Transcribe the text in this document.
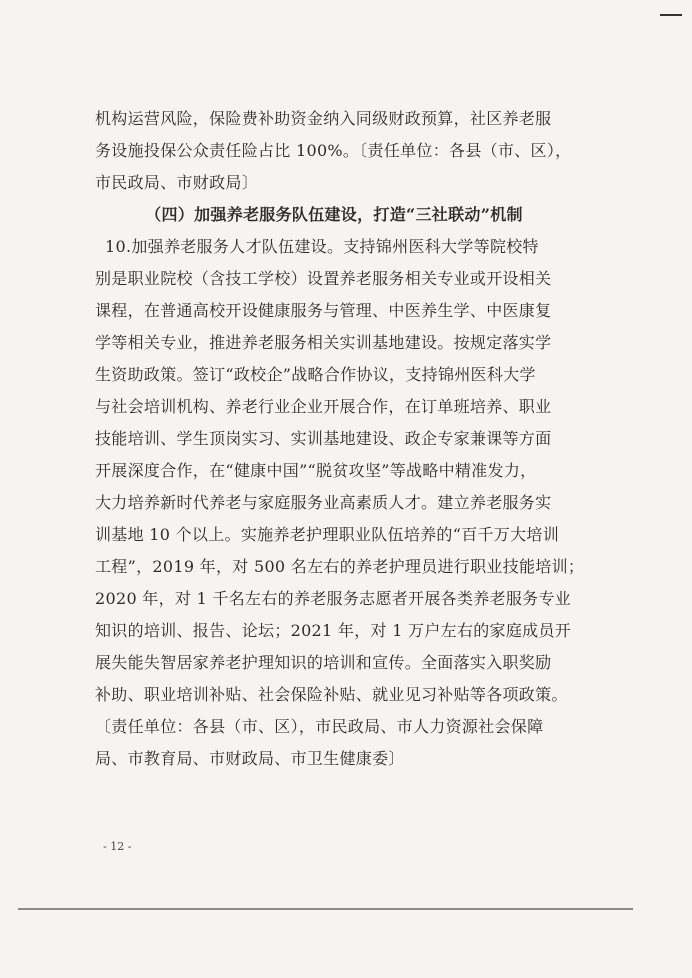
机构运营风险，保险费补助资金纳入同级财政预算，社区养老服
务设施投保公众责任险占比 100%。〔责任单位：各县（市、区），
市民政局、市财政局〕
（四）加强养老服务队伍建设，打造“三社联动”机制
10.加强养老服务人才队伍建设。支持锦州医科大学等院校特
别是职业院校（含技工学校）设置养老服务相关专业或开设相关
课程，在普通高校开设健康服务与管理、中医养生学、中医康复
学等相关专业，推进养老服务相关实训基地建设。按规定落实学
生资助政策。签订“政校企”战略合作协议，支持锦州医科大学
与社会培训机构、养老行业企业开展合作，在订单班培养、职业
技能培训、学生顶岗实习、实训基地建设、政企专家兼课等方面
开展深度合作，在“健康中国”“脱贫攻坚”等战略中精准发力，
大力培养新时代养老与家庭服务业高素质人才。建立养老服务实
训基地 10 个以上。实施养老护理职业队伍培养的“百千万大培训
工程”，2019 年，对 500 名左右的养老护理员进行职业技能培训；
2020 年，对 1 千名左右的养老服务志愿者开展各类养老服务专业
知识的培训、报告、论坛；2021 年，对 1 万户左右的家庭成员开
展失能失智居家养老护理知识的培训和宣传。全面落实入职奖励
补助、职业培训补贴、社会保险补贴、就业见习补贴等各项政策。
〔责任单位：各县（市、区），市民政局、市人力资源社会保障
局、市教育局、市财政局、市卫生健康委〕
- 12 -
